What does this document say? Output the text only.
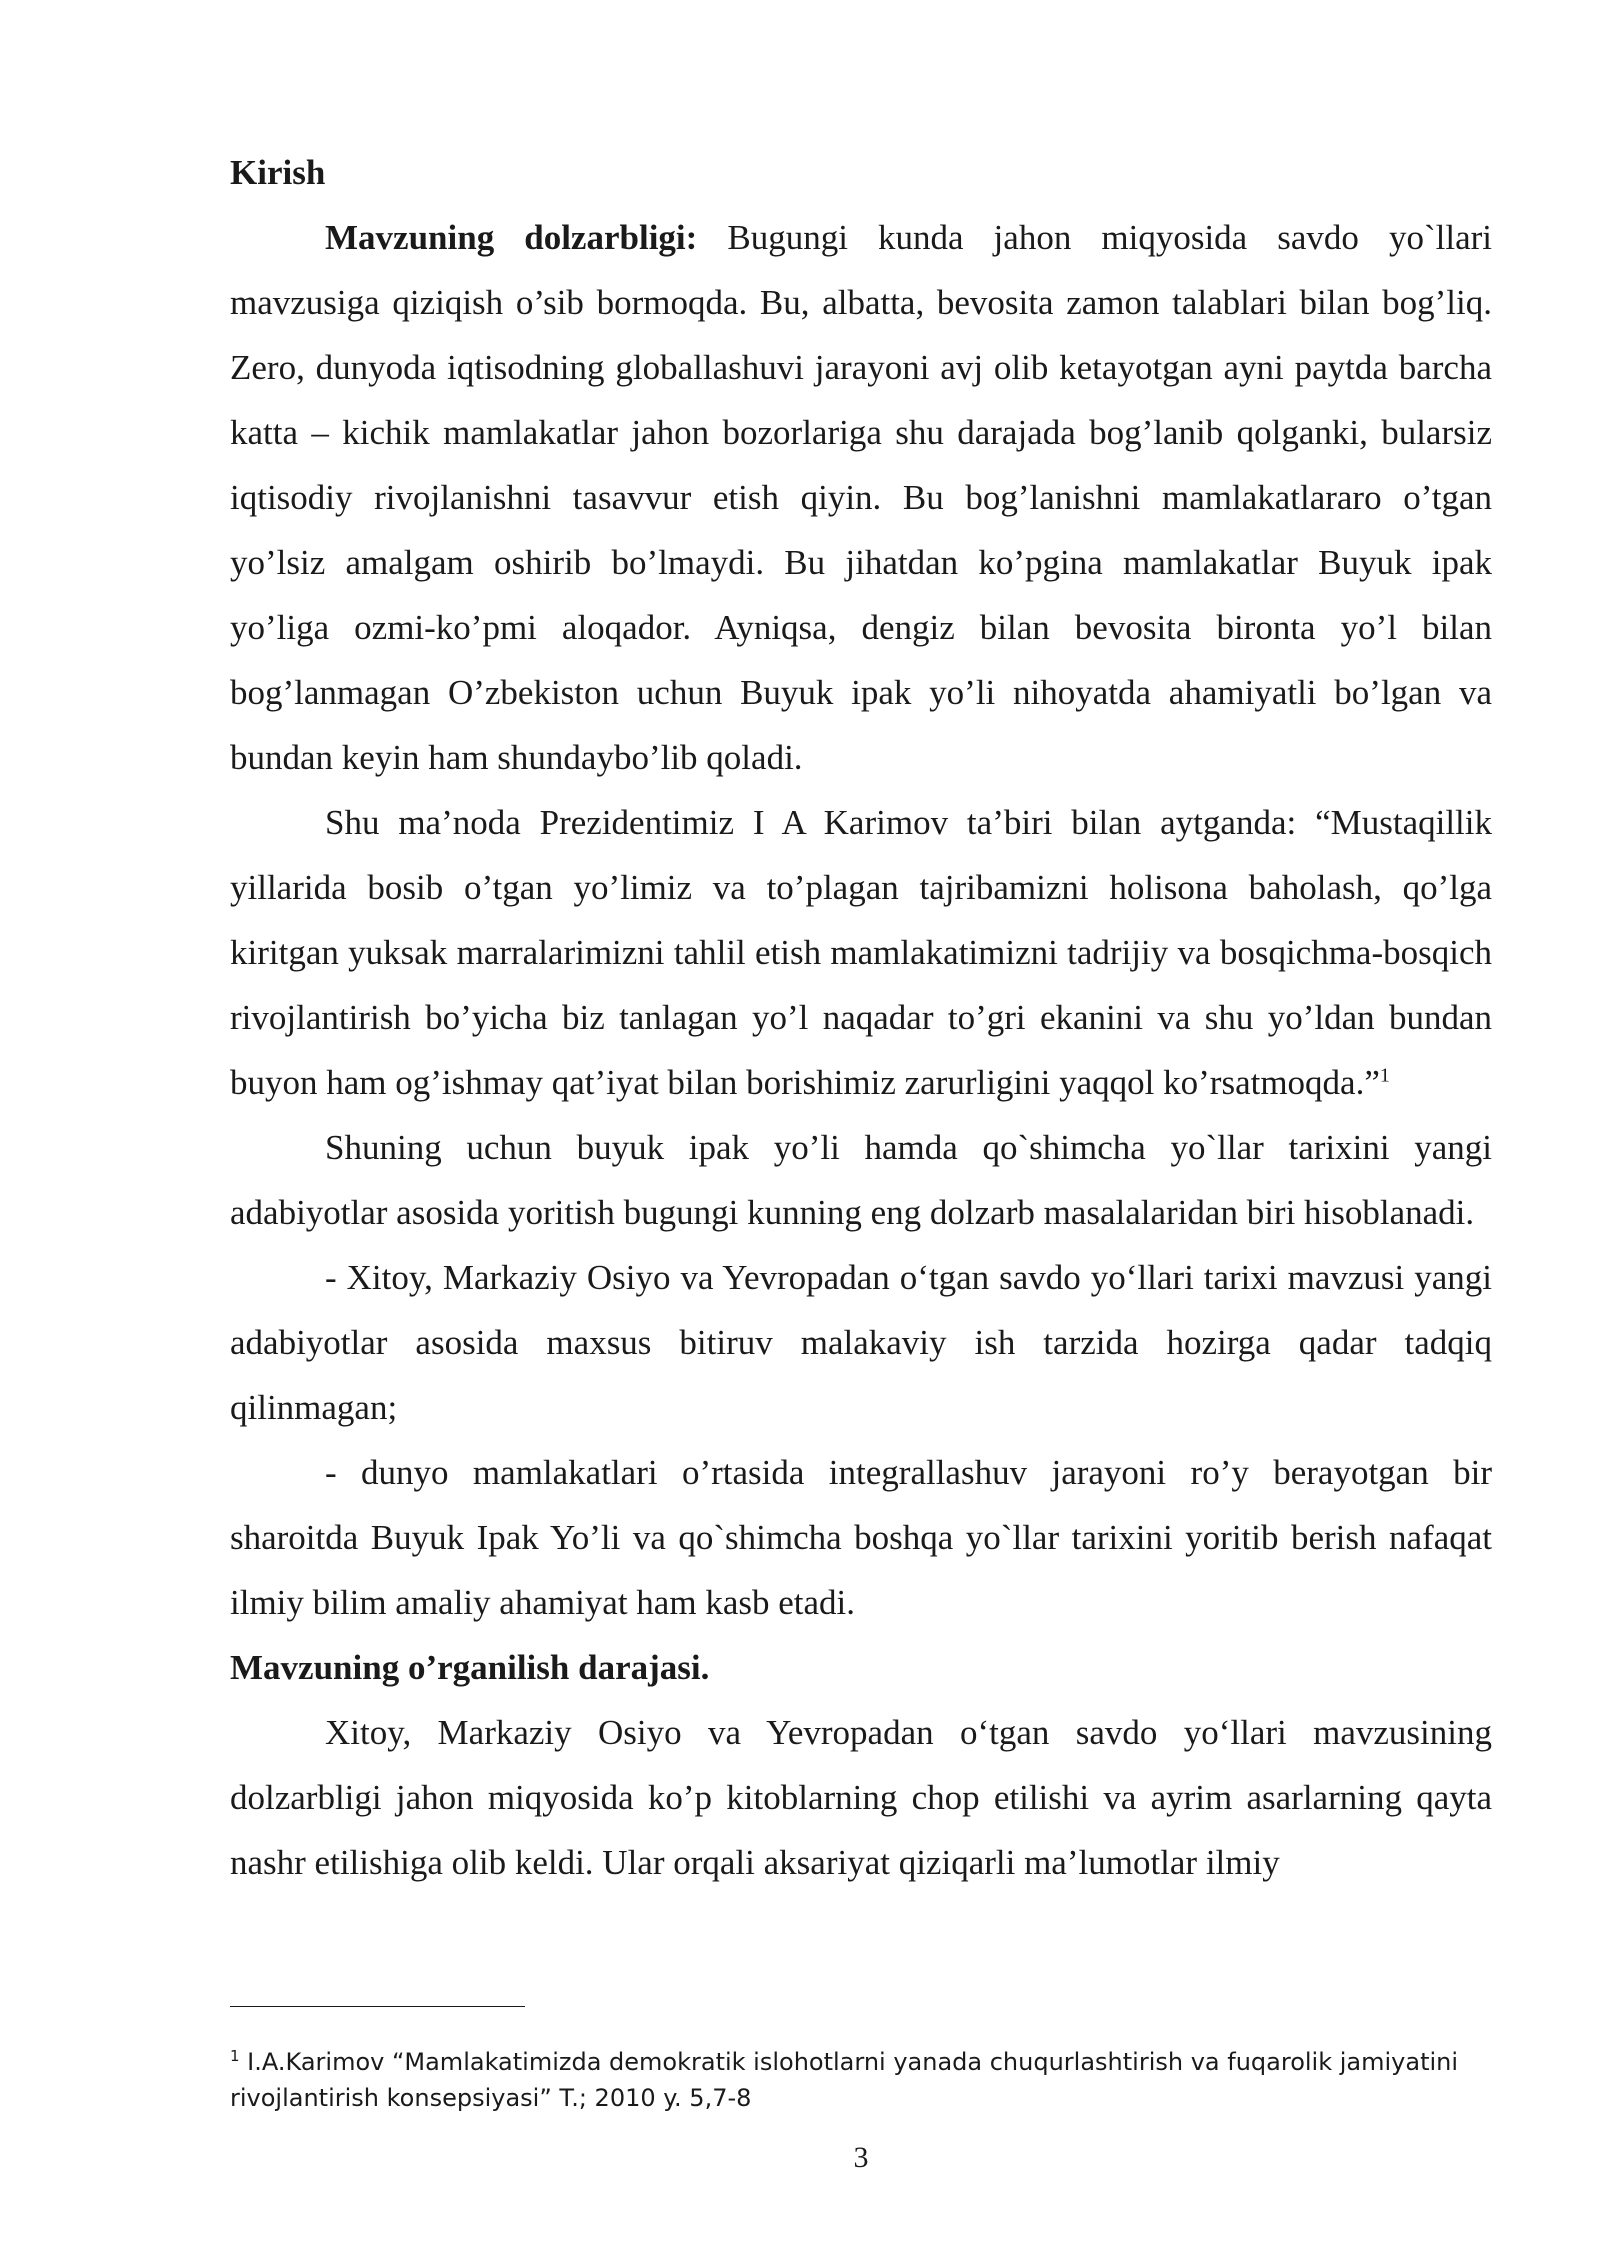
Kirish

Mavzuning dolzarbligi: Bugungi kunda jahon miqyosida savdo yo`llari mavzusiga qiziqish o’sib bormoqda. Bu, albatta, bevosita zamon talablari bilan bog’liq. Zero, dunyoda iqtisodning globallashuvi jarayoni avj olib ketayotgan ayni paytda barcha katta – kichik mamlakatlar jahon bozorlariga shu darajada bog’lanib qolganki, bularsiz iqtisodiy rivojlanishni tasavvur etish qiyin. Bu bog’lanishni mamlakatlararo o’tgan yo’lsiz amalgam oshirib bo’lmaydi. Bu jihatdan ko’pgina mamlakatlar Buyuk ipak yo’liga ozmi-ko’pmi aloqador. Ayniqsa, dengiz bilan bevosita bironta yo’l bilan bog’lanmagan O’zbekiston uchun Buyuk ipak yo’li nihoyatda ahamiyatli bo’lgan va bundan keyin ham shundaybo’lib qoladi.

Shu ma’noda Prezidentimiz I A Karimov ta’biri bilan aytganda: “Mustaqillik yillarida bosib o’tgan yo’limiz va to’plagan tajribamizni holisona baholash, qo’lga kiritgan yuksak marralarimizni tahlil etish mamlakatimizni tadrijiy va bosqichma-bosqich rivojlantirish bo’yicha biz tanlagan yo’l naqadar to’gri ekanini va shu yo’ldan bundan buyon ham og’ishmay qat’iyat bilan borishimiz zarurligini yaqqol ko’rsatmoqda.”$^1$

Shuning uchun buyuk ipak yo’li hamda qo`shimcha yo`llar tarixini yangi adabiyotlar asosida yoritish bugungi kunning eng dolzarb masalalaridan biri hisoblanadi.

- Xitoy, Markaziy Osiyo va Yevropadan o‘tgan savdo yo‘llari tarixi mavzusi yangi adabiyotlar asosida maxsus bitiruv malakaviy ish tarzida hozirga qadar tadqiq qilinmagan;

- dunyo mamlakatlari o’rtasida integrallashuv jarayoni ro’y berayotgan bir sharoitda Buyuk Ipak Yo’li va qo`shimcha boshqa yo`llar tarixini yoritib berish nafaqat ilmiy bilim amaliy ahamiyat ham kasb etadi.

Mavzuning o’rganilish darajasi.

Xitoy, Markaziy Osiyo va Yevropadan o‘tgan savdo yo‘llari mavzusining dolzarbligi jahon miqyosida ko’p kitoblarning chop etilishi va ayrim asarlarning qayta nashr etilishiga olib keldi. Ular orqali aksariyat qiziqarli ma’lumotlar ilmiy

$^1$ I.A.Karimov “Mamlakatimizda demokratik islohotlarni yanada chuqurlashtirish va fuqarolik jamiyatini rivojlantirish konsepsiyasi” T.; 2010 y. 5,7-8

3
